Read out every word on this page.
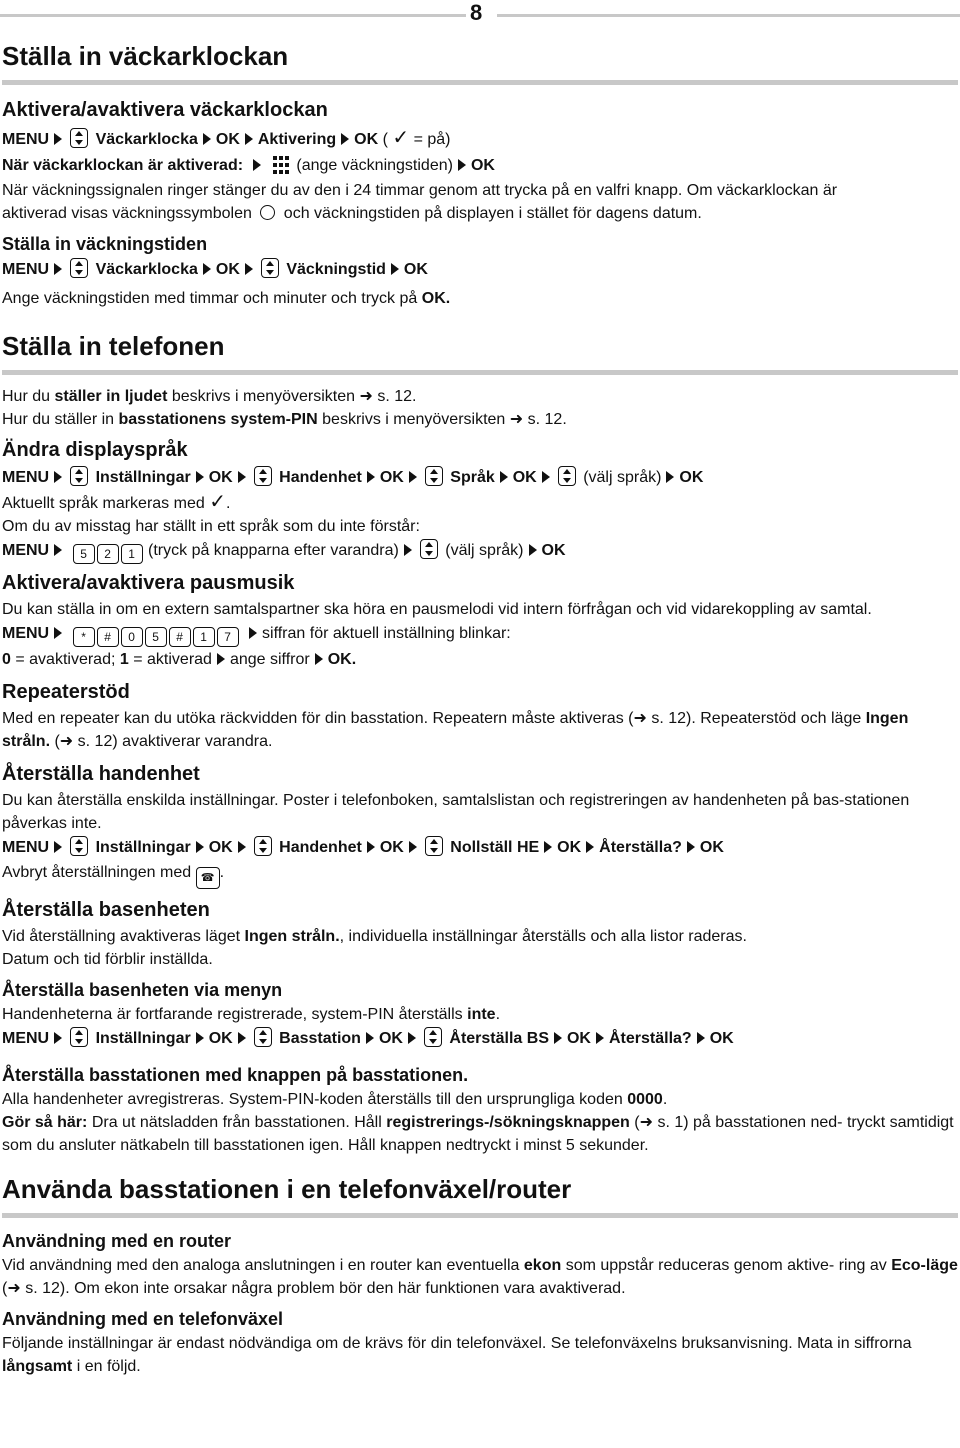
8
Ställa in väckarklockan
Aktivera/avaktivera väckarklockan
MENU	Väckarklocka OK Aktivering OK ( ✓ = på)
När väckarklockan är aktiverad:	(ange väckningstiden) OK
När väckningssignalen ringer stänger du av den i 24 timmar genom att trycka på en valfri knapp. Om väckarklockan är
aktiverad visas väckningssymbolen och väckningstiden på displayen i stället för dagens datum.
Ställa in väckningstiden
MENU	Väckarklocka OK	Väckningstid OK
Ange väckningstiden med timmar och minuter och tryck på OK.
Ställa in telefonen
Hur du ställer in ljudet beskrivs i menyöversikten ➜ s. 12.
Hur du ställer in basstationens system-PIN beskrivs i menyöversikten ➜ s. 12.
Ändra displayspråk
MENU	Inställningar OK	Handenhet OK	Språk OK	(välj språk) OK
Aktuellt språk markeras med ✓.
Om du av misstag har ställt in ett språk som du inte förstår:
MENU	5 2 1 (tryck på knapparna efter varandra)	(välj språk) OK
Aktivera/avaktivera pausmusik
Du kan ställa in om en extern samtalspartner ska höra en pausmelodi vid intern förfrågan och vid vidarekoppling av samtal.
MENU	* # 0 5 # 1 7 siffran för aktuell inställning blinkar:
0 = avaktiverad; 1 = aktiverad ange siffror OK.
Repeaterstöd
Med en repeater kan du utöka räckvidden för din basstation. Repeatern måste aktiveras (➜ s. 12). Repeaterstöd och läge Ingen stråln. (➜ s. 12) avaktiverar varandra.
Återställa handenhet
Du kan återställa enskilda inställningar. Poster i telefonboken, samtalslistan och registreringen av handenheten på bas-stationen påverkas inte.
MENU	Inställningar OK	Handenhet OK	Nollställ HE OK Återställa? OK
Avbryt återställningen med ☎ .
Återställa basenheten
Vid återställning avaktiveras läget Ingen stråln., individuella inställningar återställs och alla listor raderas.
Datum och tid förblir inställda.
Återställa basenheten via menyn
Handenheterna är fortfarande registrerade, system-PIN återställs inte.
MENU	Inställningar OK	Basstation OK	Återställa BS OK Återställa? OK
Återställa basstationen med knappen på basstationen.
Alla handenheter avregistreras. System-PIN-koden återställs till den ursprungliga koden 0000.
Gör så här: Dra ut nätsladden från basstationen. Håll registrerings-/sökningsknappen (➜ s. 1) på basstationen ned- tryckt samtidigt som du ansluter nätkabeln till basstationen igen. Håll knappen nedtryckt i minst 5 sekunder.
Använda basstationen i en telefonväxel/router
Användning med en router
Vid användning med den analoga anslutningen i en router kan eventuella ekon som uppstår reduceras genom aktive- ring av Eco-läge (➜ s. 12). Om ekon inte orsakar några problem bör den här funktionen vara avaktiverad.
Användning med en telefonväxel
Följande inställningar är endast nödvändiga om de krävs för din telefonväxel. Se telefonväxelns bruksanvisning. Mata in siffrorna långsamt i en följd.
